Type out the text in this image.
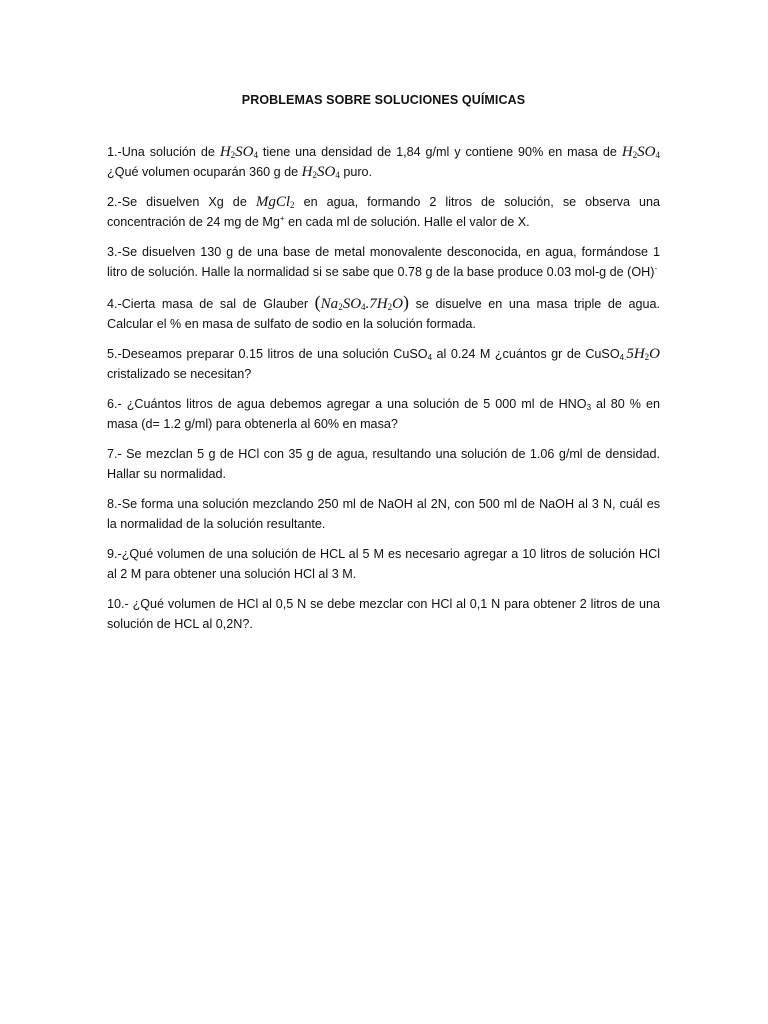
PROBLEMAS SOBRE SOLUCIONES QUÍMICAS

1.-Una solución de $H_2SO_4$ tiene una densidad de 1,84 g/ml y contiene 90% en masa de $H_2SO_4$ ¿Qué volumen ocuparán 360 g de $H_2SO_4$ puro.

2.-Se disuelven Xg de MgCl$_2$ en agua, formando 2 litros de solución, se observa una concentración de 24 mg de Mg+ en cada ml de solución. Halle el valor de X.

3.-Se disuelven 130 g de una base de metal monovalente desconocida, en agua, formándose 1 litro de solución. Halle la normalidad si se sabe que 0.78 g de la base produce 0.03 mol-g de (OH)-

4.-Cierta masa de sal de Glauber $(Na_2SO_4.7H_2O)$ se disuelve en una masa triple de agua. Calcular el % en masa de sulfato de sodio en la solución formada.

5.-Deseamos preparar 0.15 litros de una solución CuSO$_4$ al 0.24 M ¿cuántos gr de $CuSO_{4.}5H_2O$ cristalizado se necesitan?

6.- ¿Cuántos litros de agua debemos agregar a una solución de 5 000 ml de $HNO_3$ al 80 % en masa (d= 1.2 g/ml) para obtenerla al 60% en masa?

7.- Se mezclan 5 g de HCl con 35 g de agua, resultando una solución de 1.06 g/ml de densidad. Hallar su normalidad.

8.-Se forma una solución mezclando 250 ml de NaOH al 2N, con 500 ml de NaOH al 3 N, cuál es la normalidad de la solución resultante.

9.-¿Qué volumen de una solución de HCL al 5 M es necesario agregar a 10 litros de solución HCl al 2 M para obtener una solución HCl al 3 M.

10.- ¿Qué volumen de HCl al 0,5 N se debe mezclar con HCl al 0,1 N para obtener 2 litros de una solución de HCL al 0,2N?.
